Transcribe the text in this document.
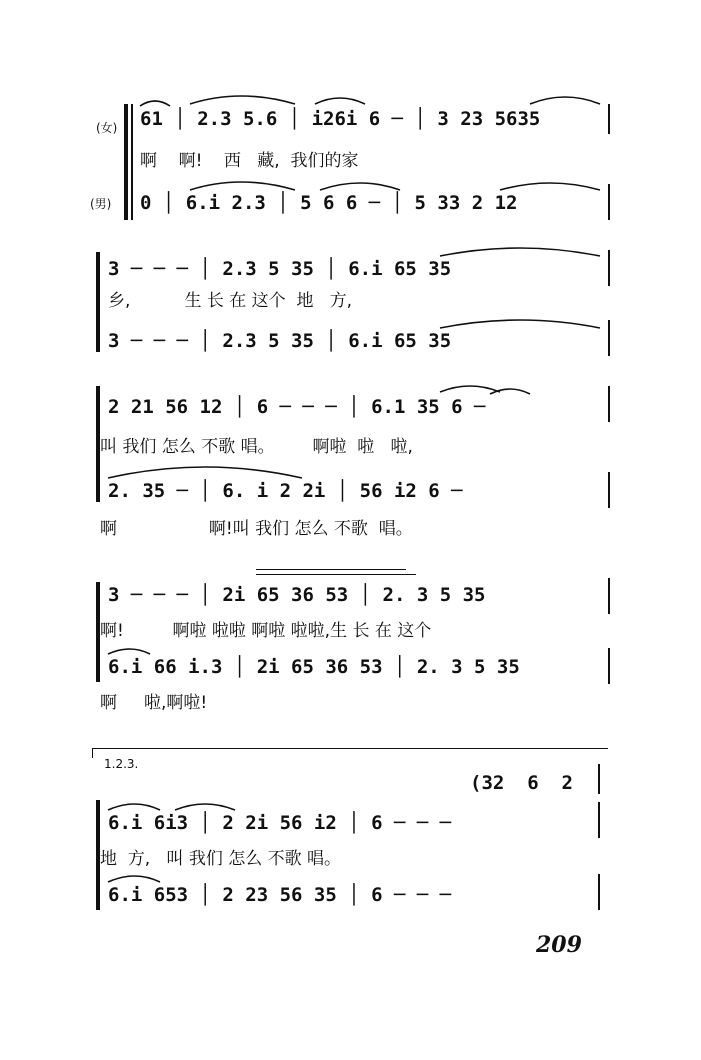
(女)
(男)
61 │ 2.3 5.6 │ i26i 6 ─ │ 3 23 5635
啊    啊!    西   藏,  我们的家
0 │ 6.i 2.3 │ 5 6 6 ─ │ 5 33 2 12
3 ─ ─ ─ │ 2.3 5 35 │ 6.i 65 35
乡,          生 长 在 这个  地   方,
3 ─ ─ ─ │ 2.3 5 35 │ 6.i 65 35
2 21 56 12 │ 6 ─ ─ ─ │ 6.1 35 6 ─
叫 我们 怎么 不歌 唱。       啊啦  啦   啦,
2. 35 ─ │ 6. i 2 2i │ 56 i2 6 ─
啊                 啊!叫 我们 怎么 不歌  唱。
3 ─ ─ ─ │ 2i 65 36 53 │ 2. 3 5 35
啊!         啊啦 啦啦 啊啦 啦啦,生 长 在 这个
6.i 66 i.3 │ 2i 65 36 53 │ 2. 3 5 35
啊     啦,啊啦!
1.2.3.
(32  6  2
6.i 6i3 │ 2 2i 56 i2 │ 6 ─ ─ ─
地  方,   叫 我们 怎么 不歌 唱。
6.i 653 │ 2 23 56 35 │ 6 ─ ─ ─
209
